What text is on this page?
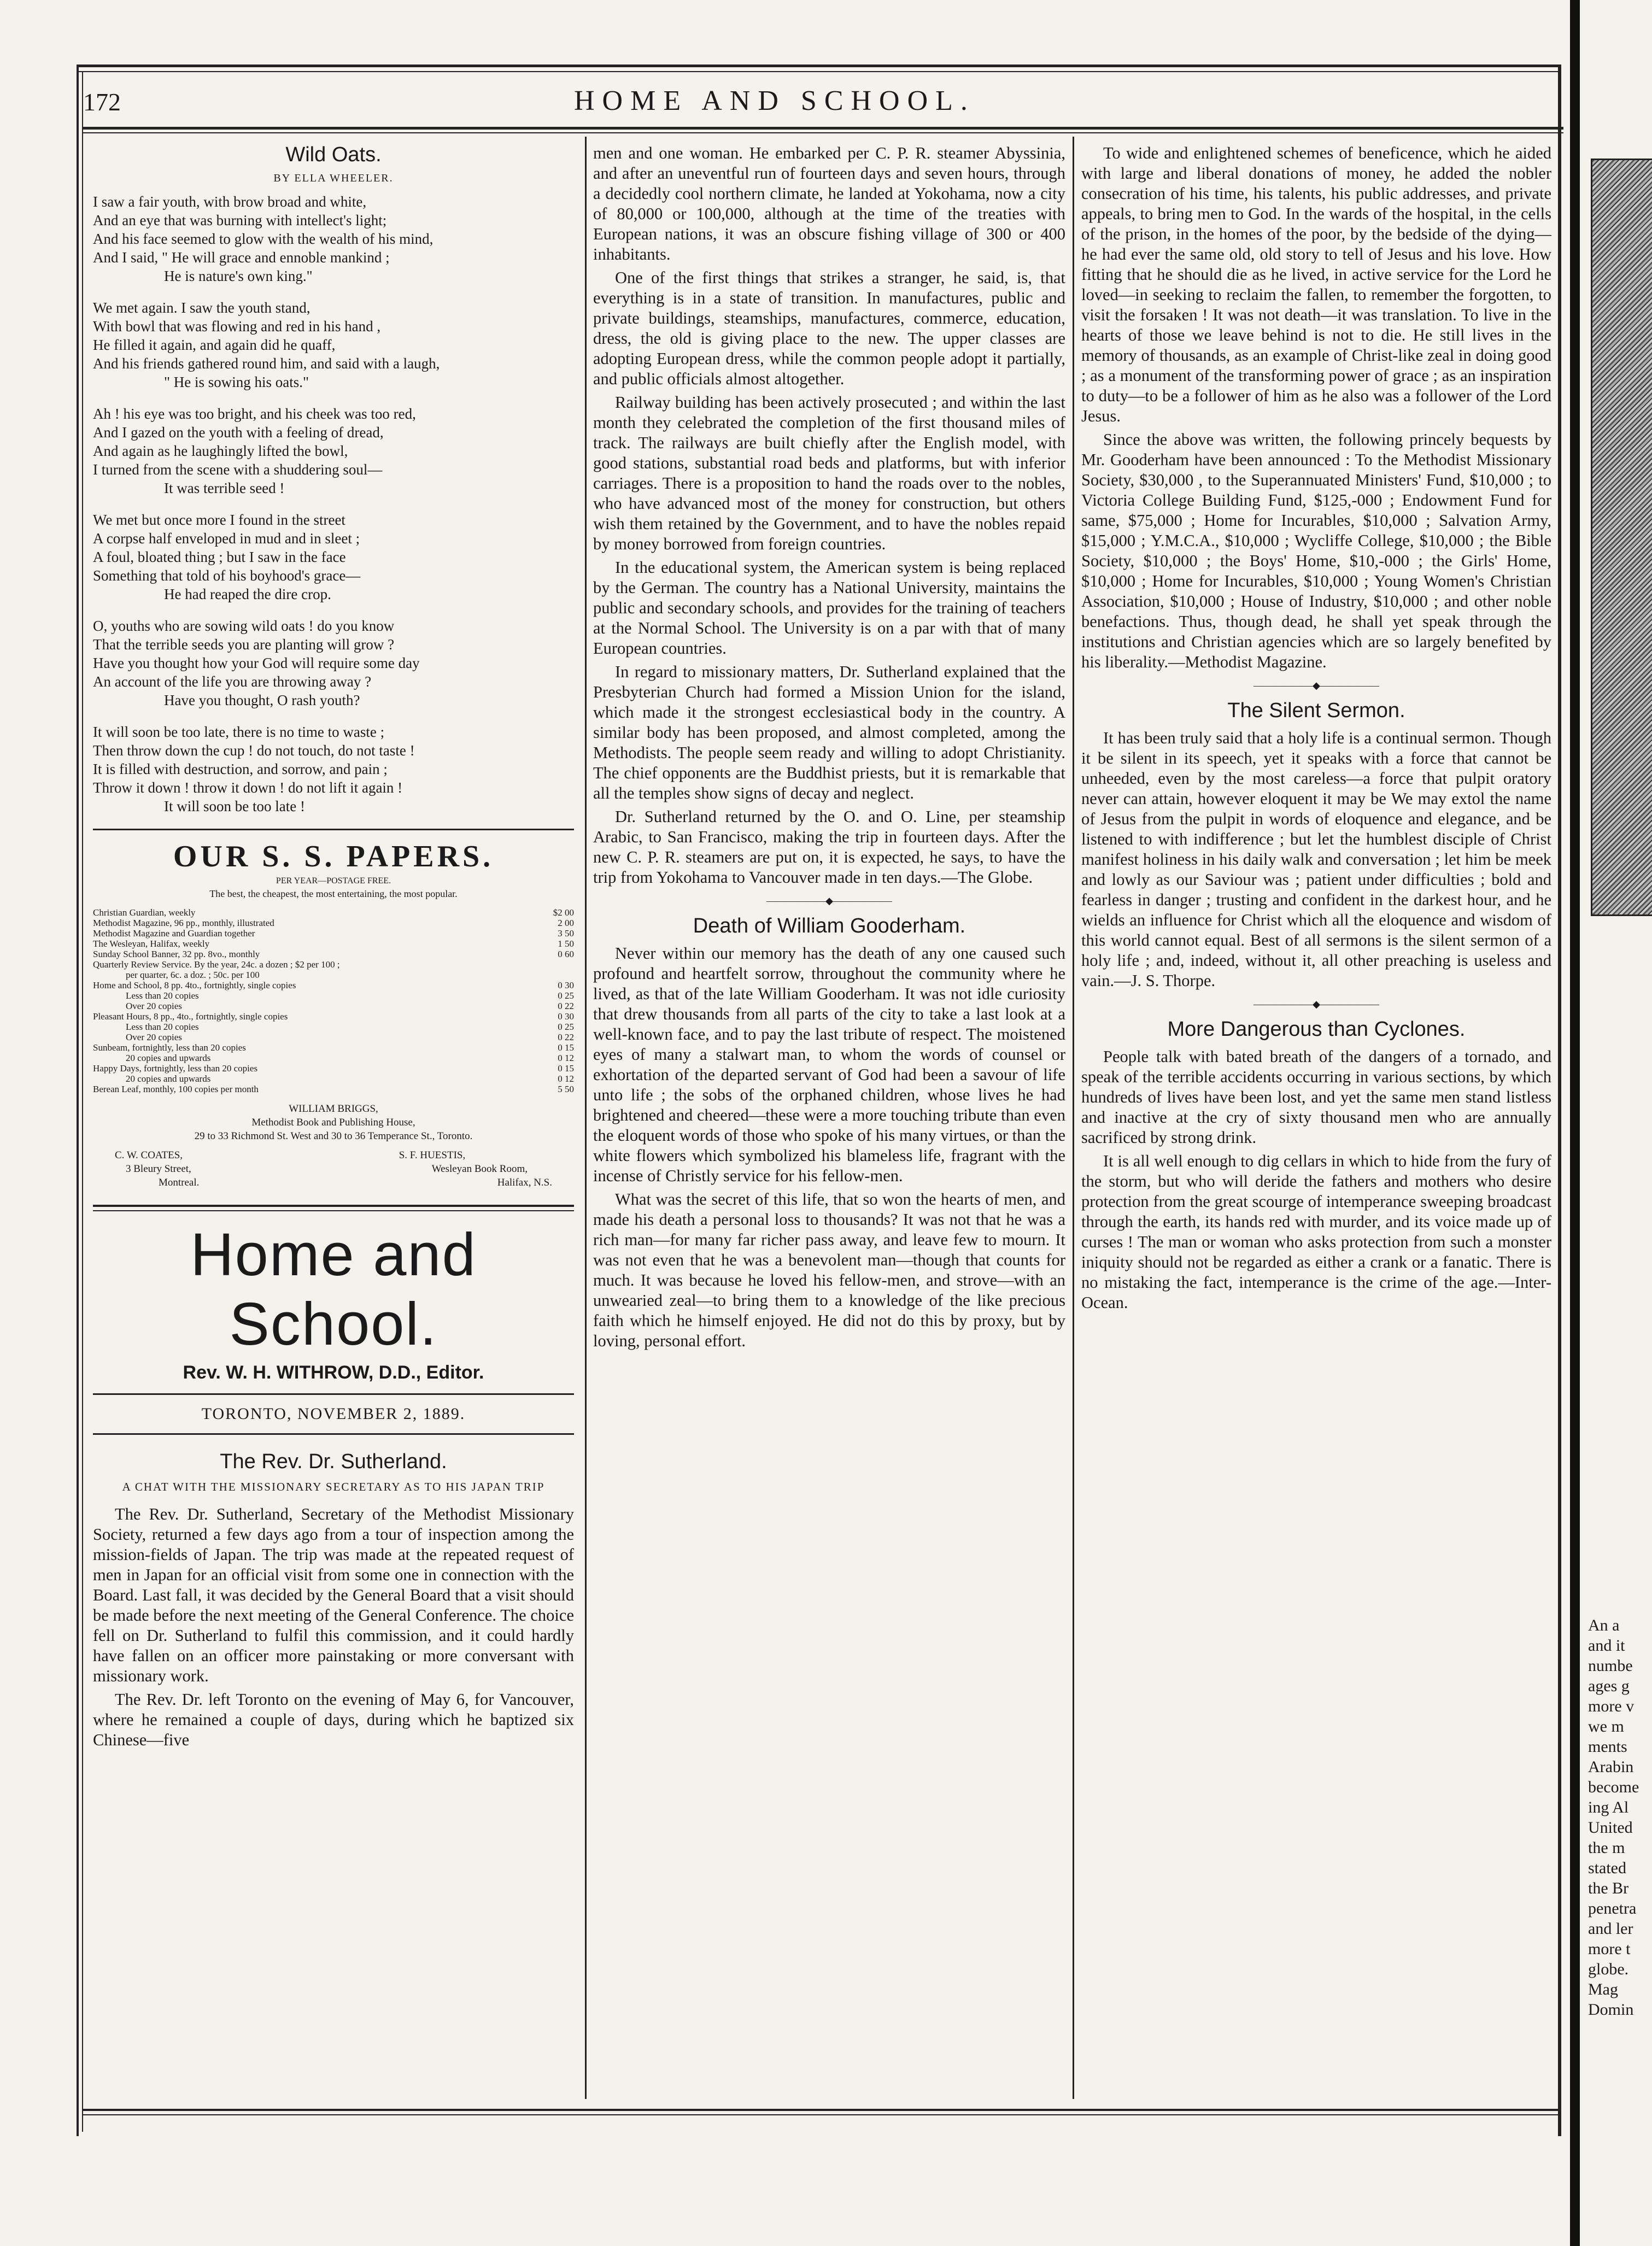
172	HOME AND SCHOOL.
Wild Oats.
BY ELLA WHEELER.
I saw a fair youth, with brow broad and white,
And an eye that was burning with intellect's light;
And his face seemed to glow with the wealth of his mind,
And I said, " He will grace and ennoble mankind ;
He is nature's own king."
We met again. I saw the youth stand,
With bowl that was flowing and red in his hand ,
He filled it again, and again did he quaff,
And his friends gathered round him, and said with a laugh,
" He is sowing his oats."
Ah ! his eye was too bright, and his cheek was too red,
And I gazed on the youth with a feeling of dread,
And again as he laughingly lifted the bowl,
I turned from the scene with a shuddering soul—
It was terrible seed !
We met but once more I found in the street
A corpse half enveloped in mud and in sleet ;
A foul, bloated thing ; but I saw in the face
Something that told of his boyhood's grace—
He had reaped the dire crop.
O, youths who are sowing wild oats ! do you know
That the terrible seeds you are planting will grow ?
Have you thought how your God will require some day
An account of the life you are throwing away ?
Have you thought, O rash youth?
It will soon be too late, there is no time to waste ;
Then throw down the cup ! do not touch, do not taste !
It is filled with destruction, and sorrow, and pain ;
Throw it down ! throw it down ! do not lift it again !
It will soon be too late !
OUR S. S. PAPERS.
PER YEAR—POSTAGE FREE.
The best, the cheapest, the most entertaining, the most popular.
Christian Guardian, weekly	$2 00
Methodist Magazine, 96 pp., monthly, illustrated	2 00
Methodist Magazine and Guardian together	3 50
The Wesleyan, Halifax, weekly	1 50
Sunday School Banner, 32 pp. 8vo., monthly	0 60
Quarterly Review Service. By the year, 24c. a dozen ; $2 per 100 ;
per quarter, 6c. a doz. ; 50c. per 100
Home and School, 8 pp. 4to., fortnightly, single copies	0 30
Less than 20 copies	0 25
Over 20 copies	0 22
Pleasant Hours, 8 pp., 4to., fortnightly, single copies	0 30
Less than 20 copies	0 25
Over 20 copies	0 22
Sunbeam, fortnightly, less than 20 copies	0 15
20 copies and upwards	0 12
Happy Days, fortnightly, less than 20 copies	0 15
20 copies and upwards	0 12
Berean Leaf, monthly, 100 copies per month	5 50
WILLIAM BRIGGS,
Methodist Book and Publishing House,
29 to 33 Richmond St. West and 30 to 36 Temperance St., Toronto.
C. W. COATES,
3 Bleury Street,
Montreal.
S. F. HUESTIS,
Wesleyan Book Room,
Halifax, N.S.
Home and School.
Rev. W. H. WITHROW, D.D., Editor.
TORONTO, NOVEMBER 2, 1889.
The Rev. Dr. Sutherland.
A CHAT WITH THE MISSIONARY SECRETARY AS TO HIS JAPAN TRIP

The Rev. Dr. Sutherland, Secretary of the Methodist Missionary Society, returned a few days ago from a tour of inspection among the mission-fields of Japan. The trip was made at the repeated request of men in Japan for an official visit from some one in connection with the Board. Last fall, it was decided by the General Board that a visit should be made before the next meeting of the General Conference. The choice fell on Dr. Sutherland to fulfil this commission, and it could hardly have fallen on an officer more painstaking or more conversant with missionary work.

The Rev. Dr. left Toronto on the evening of May 6, for Vancouver, where he remained a couple of days, during which he baptized six Chinese—five

men and one woman. He embarked per C. P. R. steamer Abyssinia, and after an uneventful run of fourteen days and seven hours, through a decidedly cool northern climate, he landed at Yokohama, now a city of 80,000 or 100,000, although at the time of the treaties with European nations, it was an obscure fishing village of 300 or 400 inhabitants.

One of the first things that strikes a stranger, he said, is, that everything is in a state of transition. In manufactures, public and private buildings, steamships, manufactures, commerce, education, dress, the old is giving place to the new. The upper classes are adopting European dress, while the common people adopt it partially, and public officials almost altogether.

Railway building has been actively prosecuted ; and within the last month they celebrated the completion of the first thousand miles of track. The railways are built chiefly after the English model, with good stations, substantial road beds and platforms, but with inferior carriages. There is a proposition to hand the roads over to the nobles, who have advanced most of the money for construction, but others wish them retained by the Government, and to have the nobles repaid by money borrowed from foreign countries.

In the educational system, the American system is being replaced by the German. The country has a National University, maintains the public and secondary schools, and provides for the training of teachers at the Normal School. The University is on a par with that of many European countries.

In regard to missionary matters, Dr. Sutherland explained that the Presbyterian Church had formed a Mission Union for the island, which made it the strongest ecclesiastical body in the country. A similar body has been proposed, and almost completed, among the Methodists. The people seem ready and willing to adopt Christianity. The chief opponents are the Buddhist priests, but it is remarkable that all the temples show signs of decay and neglect.

Dr. Sutherland returned by the O. and O. Line, per steamship Arabic, to San Francisco, making the trip in fourteen days. After the new C. P. R. steamers are put on, it is expected, he says, to have the trip from Yokohama to Vancouver made in ten days.—The Globe.

——————◆——————
Death of William Gooderham.

Never within our memory has the death of any one caused such profound and heartfelt sorrow, throughout the community where he lived, as that of the late William Gooderham. It was not idle curiosity that drew thousands from all parts of the city to take a last look at a well-known face, and to pay the last tribute of respect. The moistened eyes of many a stalwart man, to whom the words of counsel or exhortation of the departed servant of God had been a savour of life unto life ; the sobs of the orphaned children, whose lives he had brightened and cheered—these were a more touching tribute than even the eloquent words of those who spoke of his many virtues, or than the white flowers which symbolized his blameless life, fragrant with the incense of Christly service for his fellow-men.

What was the secret of this life, that so won the hearts of men, and made his death a personal loss to thousands? It was not that he was a rich man—for many far richer pass away, and leave few to mourn. It was not even that he was a benevolent man—though that counts for much. It was because he loved his fellow-men, and strove—with an unwearied zeal—to bring them to a knowledge of the like precious faith which he himself enjoyed. He did not do this by proxy, but by loving, personal effort.

To wide and enlightened schemes of beneficence, which he aided with large and liberal donations of money, he added the nobler consecration of his time, his talents, his public addresses, and private appeals, to bring men to God. In the wards of the hospital, in the cells of the prison, in the homes of the poor, by the bedside of the dying—he had ever the same old, old story to tell of Jesus and his love. How fitting that he should die as he lived, in active service for the Lord he loved—in seeking to reclaim the fallen, to remember the forgotten, to visit the forsaken ! It was not death—it was translation. To live in the hearts of those we leave behind is not to die. He still lives in the memory of thousands, as an example of Christ-like zeal in doing good ; as a monument of the transforming power of grace ; as an inspiration to duty—to be a follower of him as he also was a follower of the Lord Jesus.

Since the above was written, the following princely bequests by Mr. Gooderham have been announced : To the Methodist Missionary Society, $30,000 , to the Superannuated Ministers' Fund, $10,000 ; to Victoria College Building Fund, $125,-000 ; Endowment Fund for same, $75,000 ; Home for Incurables, $10,000 ; Salvation Army, $15,000 ; Y.M.C.A., $10,000 ; Wycliffe College, $10,000 ; the Bible Society, $10,000 ; the Boys' Home, $10,-000 ; the Girls' Home, $10,000 ; Home for Incurables, $10,000 ; Young Women's Christian Association, $10,000 ; House of Industry, $10,000 ; and other noble benefactions. Thus, though dead, he shall yet speak through the institutions and Christian agencies which are so largely benefited by his liberality.—Methodist Magazine.

——————◆——————
The Silent Sermon.

It has been truly said that a holy life is a continual sermon. Though it be silent in its speech, yet it speaks with a force that cannot be unheeded, even by the most careless—a force that pulpit oratory never can attain, however eloquent it may be We may extol the name of Jesus from the pulpit in words of eloquence and elegance, and be listened to with indifference ; but let the humblest disciple of Christ manifest holiness in his daily walk and conversation ; let him be meek and lowly as our Saviour was ; patient under difficulties ; bold and fearless in danger ; trusting and confident in the darkest hour, and he wields an influence for Christ which all the eloquence and wisdom of this world cannot equal. Best of all sermons is the silent sermon of a holy life ; and, indeed, without it, all other preaching is useless and vain.—J. S. Thorpe.

——————◆——————
More Dangerous than Cyclones.

People talk with bated breath of the dangers of a tornado, and speak of the terrible accidents occurring in various sections, by which hundreds of lives have been lost, and yet the same men stand listless and inactive at the cry of sixty thousand men who are annually sacrificed by strong drink.

It is all well enough to dig cellars in which to hide from the fury of the storm, but who will deride the fathers and mothers who desire protection from the great scourge of intemperance sweeping broadcast through the earth, its hands red with murder, and its voice made up of curses ! The man or woman who asks protection from such a monster iniquity should not be regarded as either a crank or a fanatic. There is no mistaking the fact, intemperance is the crime of the age.—Inter-Ocean.

An a
and it
numbe
ages g
more v
we m
ments
Arabin
become
ing Al
United
the m
stated
the Br
penetra
and ler
more t
globe.
Mag
Domin
